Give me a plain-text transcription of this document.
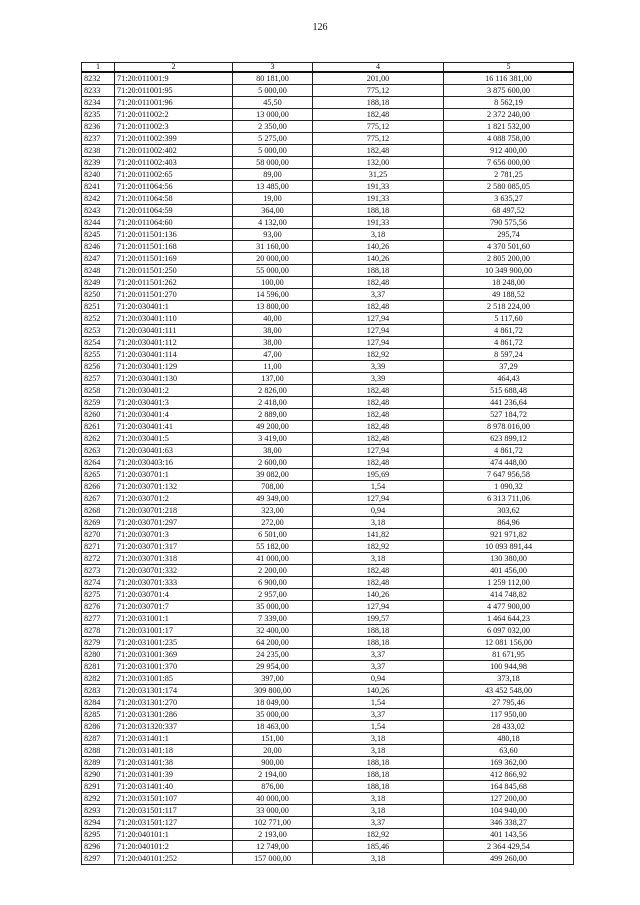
126
1	2	3	4	5
8232	71:20:011001:9	80 181,00	201,00	16 116 381,00
8233	71:20:011001:95	5 000,00	775,12	3 875 600,00
8234	71:20:011001:96	45,50	188,18	8 562,19
8235	71:20:011002:2	13 000,00	182,48	2 372 240,00
8236	71:20:011002:3	2 350,00	775,12	1 821 532,00
8237	71:20:011002:399	5 275,00	775,12	4 088 758,00
8238	71:20:011002:402	5 000,00	182,48	912 400,00
8239	71:20:011002:403	58 000,00	132,00	7 656 000,00
8240	71:20:011002:65	89,00	31,25	2 781,25
8241	71:20:011064:56	13 485,00	191,33	2 580 085,05
8242	71:20:011064:58	19,00	191,33	3 635,27
8243	71:20:011064:59	364,00	188,18	68 497,52
8244	71:20:011064:60	4 132,00	191,33	790 575,56
8245	71:20:011501:136	93,00	3,18	295,74
8246	71:20:011501:168	31 160,00	140,26	4 370 501,60
8247	71:20:011501:169	20 000,00	140,26	2 805 200,00
8248	71:20:011501:250	55 000,00	188,18	10 349 900,00
8249	71:20:011501:262	100,00	182,48	18 248,00
8250	71:20:011501:270	14 596,00	3,37	49 188,52
8251	71:20:030401:1	13 800,00	182,48	2 518 224,00
8252	71:20:030401:110	40,00	127,94	5 117,60
8253	71:20:030401:111	38,00	127,94	4 861,72
8254	71:20:030401:112	38,00	127,94	4 861,72
8255	71:20:030401:114	47,00	182,92	8 597,24
8256	71:20:030401:129	11,00	3,39	37,29
8257	71:20:030401:130	137,00	3,39	464,43
8258	71:20:030401:2	2 826,00	182,48	515 688,48
8259	71:20:030401:3	2 418,00	182,48	441 236,64
8260	71:20:030401:4	2 889,00	182,48	527 184,72
8261	71:20:030401:41	49 200,00	182,48	8 978 016,00
8262	71:20:030401:5	3 419,00	182,48	623 899,12
8263	71:20:030401:63	38,00	127,94	4 861,72
8264	71:20:030403:16	2 600,00	182,48	474 448,00
8265	71:20:030701:1	39 082,00	195,69	7 647 956,58
8266	71:20:030701:132	708,00	1,54	1 090,32
8267	71:20:030701:2	49 349,00	127,94	6 313 711,06
8268	71:20:030701:218	323,00	0,94	303,62
8269	71:20:030701:297	272,00	3,18	864,96
8270	71:20:030701:3	6 501,00	141,82	921 971,82
8271	71:20:030701:317	55 182,00	182,92	10 093 891,44
8272	71:20:030701:318	41 000,00	3,18	130 380,00
8273	71:20:030701:332	2 200,00	182,48	401 456,00
8274	71:20:030701:333	6 900,00	182,48	1 259 112,00
8275	71:20:030701:4	2 957,00	140,26	414 748,82
8276	71:20:030701:7	35 000,00	127,94	4 477 900,00
8277	71:20:031001:1	7 339,00	199,57	1 464 644,23
8278	71:20:031001:17	32 400,00	188,18	6 097 032,00
8279	71:20:031001:235	64 200,00	188,18	12 081 156,00
8280	71:20:031001:369	24 235,00	3,37	81 671,95
8281	71:20:031001:370	29 954,00	3,37	100 944,98
8282	71:20:031001:85	397,00	0,94	373,18
8283	71:20:031301:174	309 800,00	140,26	43 452 548,00
8284	71:20:031301:270	18 049,00	1,54	27 795,46
8285	71:20:031301:286	35 000,00	3,37	117 950,00
8286	71:20:031320:337	18 463,00	1,54	28 433,02
8287	71:20:031401:1	151,00	3,18	480,18
8288	71:20:031401:18	20,00	3,18	63,60
8289	71:20:031401:38	900,00	188,18	169 362,00
8290	71:20:031401:39	2 194,00	188,18	412 866,92
8291	71:20:031401:40	876,00	188,18	164 845,68
8292	71:20:031501:107	40 000,00	3,18	127 200,00
8293	71:20:031501:117	33 000,00	3,18	104 940,00
8294	71:20:031501:127	102 771,00	3,37	346 338,27
8295	71:20:040101:1	2 193,00	182,92	401 143,56
8296	71:20:040101:2	12 749,00	185,46	2 364 429,54
8297	71:20:040101:252	157 000,00	3,18	499 260,00
